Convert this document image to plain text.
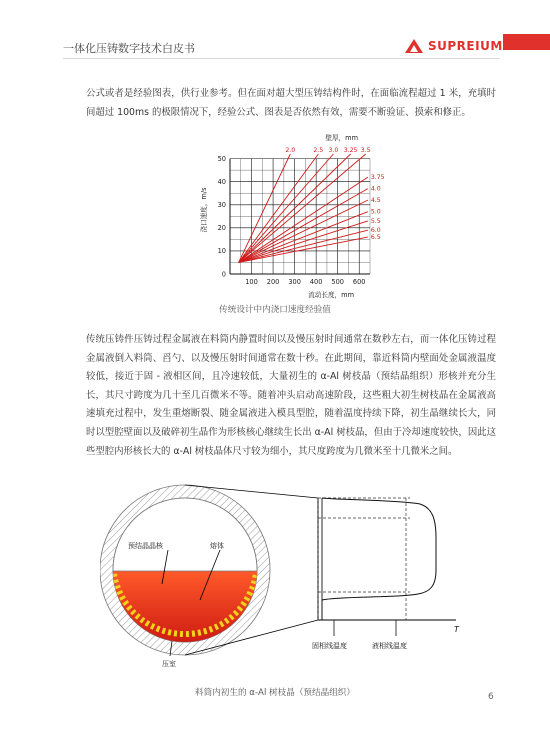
一体化压铸数字技术白皮书	SUPREIUM

公式或者是经验图表，供行业参考。但在面对超大型压铸结构件时，在面临流程超过 1 米，充填时间超过 100ms 的极限情况下，经验公式、图表是否依然有效，需要不断验证、摸索和修正。

壁厚，mm
浇口速度，m/s
流动长度，mm
2.0	2.5 3.0 3.25 3.5
3.75
4.0
4.5
5.0
5.5
6.0
6.5
100 200 300 400 500 600
0
10
20
30
40
50
传统设计中内浇口速度经验值

传统压铸件压铸过程金属液在料筒内静置时间以及慢压射时间通常在数秒左右，而一体化压铸过程金属液倒入料筒、舀勺、以及慢压射时间通常在数十秒。在此期间，靠近料筒内壁面处金属液温度较低，接近于固 - 液相区间，且冷速较低，大量初生的 α-Al 树枝晶（预结晶组织）形核并充分生长，其尺寸跨度为几十至几百微米不等。随着冲头启动高速阶段，这些粗大初生树枝晶在金属液高速填充过程中，发生重熔断裂、随金属液进入模具型腔，随着温度持续下降，初生晶继续长大，同时以型腔壁面以及破碎初生晶作为形核核心继续生长出 α-Al 树枝晶，但由于冷却速度较快，因此这些型腔内形核长大的 α-Al 树枝晶体尺寸较为细小，其尺度跨度为几微米至十几微米之间。

预结晶晶核	熔体
压室
T
固相线温度	液相线温度
料筒内初生的 α-Al 树枝晶（预结晶组织）	6
